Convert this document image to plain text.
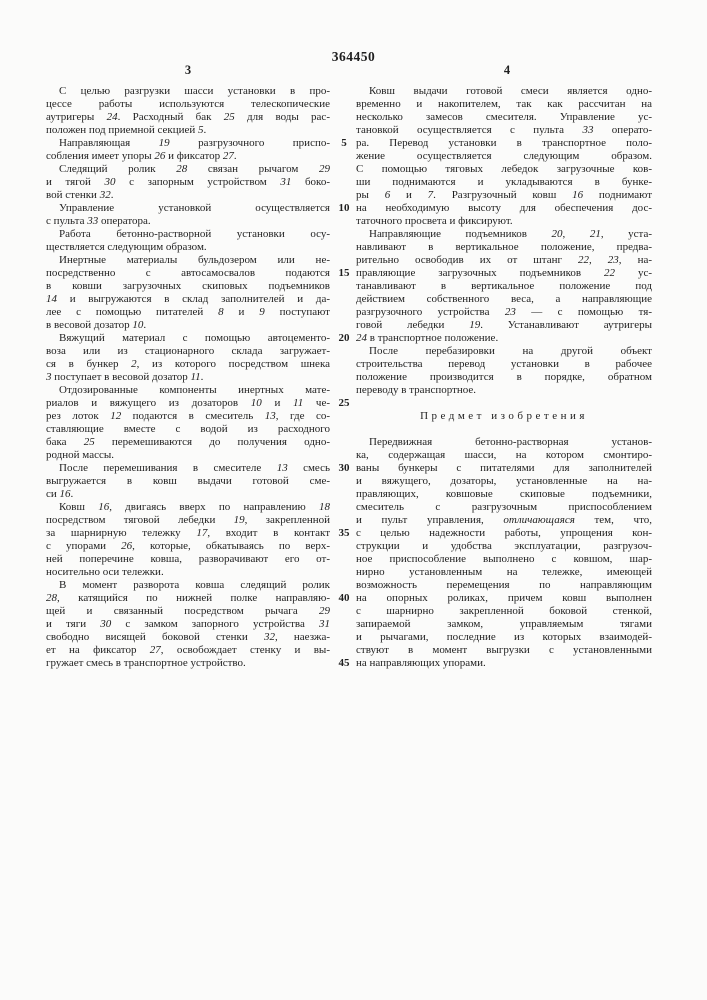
364450
3	4
С целью разгрузки шасси установки в про-
цессе работы используются телескопические
аутригеры 24. Расходный бак 25 для воды рас-
положен под приемной секцией 5.
Направляющая 19 разгрузочного приспо-
собления имеет упоры 26 и фиксатор 27.
Следящий ролик 28 связан рычагом 29
и тягой 30 с запорным устройством 31 боко-
вой стенки 32.
Управление установкой осуществляется
с пульта 33 оператора.
Работа бетонно-растворной установки осу-
ществляется следующим образом.
Инертные материалы бульдозером или не-
посредственно с автосамосвалов подаются
в ковши загрузочных скиповых подъемников
14 и выгружаются в склад заполнителей и да-
лее с помощью питателей 8 и 9 поступают
в весовой дозатор 10.
Вяжущий материал с помощью автоцементо-
воза или из стационарного склада загружает-
ся в бункер 2, из которого посредством шнека
3 поступает в весовой дозатор 11.
Отдозированные компоненты инертных мате-
риалов и вяжущего из дозаторов 10 и 11 че-
рез лоток 12 подаются в смеситель 13, где со-
ставляющие вместе с водой из расходного
бака 25 перемешиваются до получения одно-
родной массы.
После перемешивания в смесителе 13 смесь
выгружается в ковш выдачи готовой сме-
си 16.
Ковш 16, двигаясь вверх по направлению 18
посредством тяговой лебедки 19, закрепленной
за шарнирную тележку 17, входит в контакт
с упорами 26, которые, обкатываясь по верх-
ней поперечине ковша, разворачивают его от-
носительно оси тележки.
В момент разворота ковша следящий ролик
28, катящийся по нижней полке направляю-
щей и связанный посредством рычага 29
и тяги 30 с замком запорного устройства 31
свободно висящей боковой стенки 32, наезжа-
ет на фиксатор 27, освобождает стенку и вы-
гружает смесь в транспортное устройство.
Ковш выдачи готовой смеси является одно-
временно и накопителем, так как рассчитан на
несколько замесов смесителя. Управление ус-
тановкой осуществляется с пульта 33 операто-
ра. Перевод установки в транспортное поло-
жение осуществляется следующим образом.
С помощью тяговых лебедок загрузочные ков-
ши поднимаются и укладываются в бунке-
ры 6 и 7. Разгрузочный ковш 16 поднимают
на необходимую высоту для обеспечения дос-
таточного просвета и фиксируют.
Направляющие подъемников 20, 21, уста-
навливают в вертикальное положение, предва-
рительно освободив их от штанг 22, 23, на-
правляющие загрузочных подъемников 22 ус-
танавливают в вертикальное положение под
действием собственного веса, а направляющие
разгрузочного устройства 23 — с помощью тя-
говой лебедки 19. Устанавливают аутригеры
24 в транспортное положение.
После перебазировки на другой объект
строительства перевод установки в рабочее
положение производится в порядке, обратном
переводу в транспортное.
Предмет изобретения
Передвижная бетонно-растворная установ-
ка, содержащая шасси, на котором смонтиро-
ваны бункеры с питателями для заполнителей
и вяжущего, дозаторы, установленные на на-
правляющих, ковшовые скиповые подъемники,
смеситель с разгрузочным приспособлением
и пульт управления, отличающаяся тем, что,
с целью надежности работы, упрощения кон-
струкции и удобства эксплуатации, разгрузоч-
ное приспособление выполнено с ковшом, шар-
нирно установленным на тележке, имеющей
возможность перемещения по направляющим
на опорных роликах, причем ковш выполнен
с шарнирно закрепленной боковой стенкой,
запираемой замком, управляемым тягами
и рычагами, последние из которых взаимодей-
ствуют в момент выгрузки с установленными
на направляющих упорами.
5
10
15
20
25
30
35
40
45
